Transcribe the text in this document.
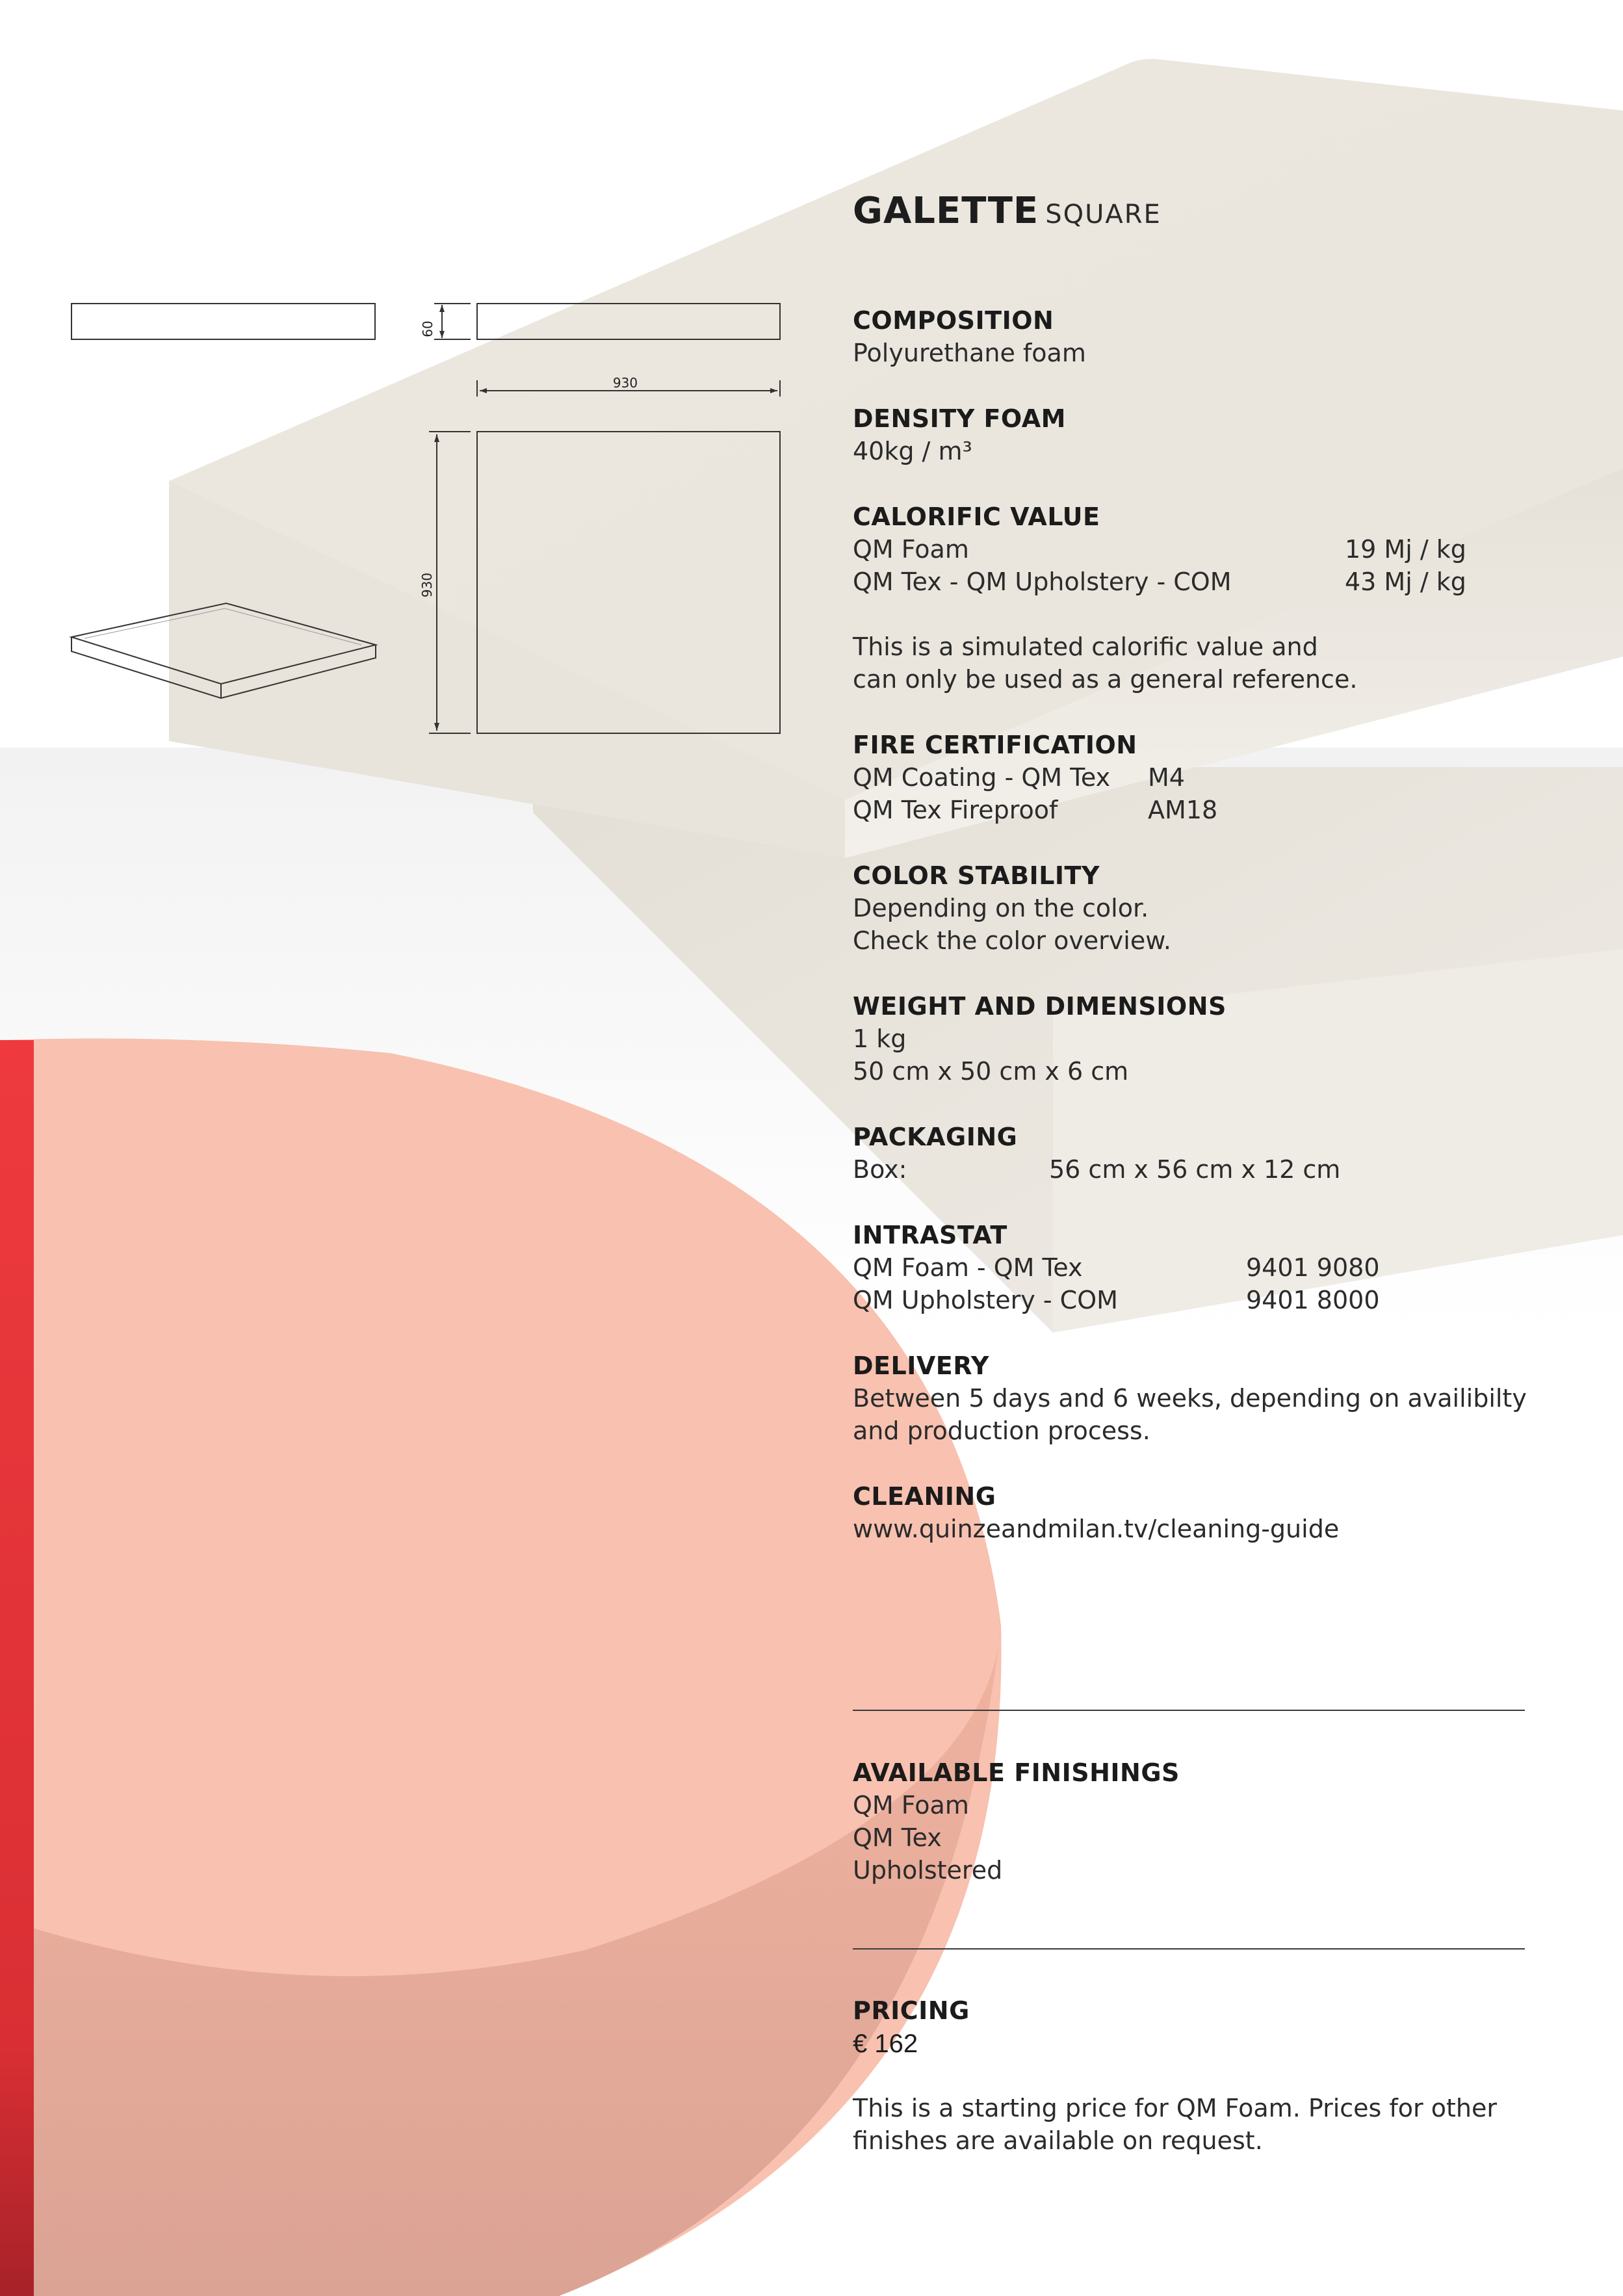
60
930
930
GALETTE SQUARE
COMPOSITION
Polyurethane foam
DENSITY FOAM
40kg / m³
CALORIFIC VALUE
QM Foam	19 Mj / kg
QM Tex - QM Upholstery - COM	43 Mj / kg
This is a simulated calorific value and
can only be used as a general reference.
FIRE CERTIFICATION
QM Coating - QM Tex M4
QM Tex Fireproof	AM18
COLOR STABILITY
Depending on the color.
Check the color overview.
WEIGHT AND DIMENSIONS
1 kg
50 cm x 50 cm x 6 cm
PACKAGING
Box:	56 cm x 56 cm x 12 cm
INTRASTAT
QM Foam - QM Tex	9401 9080
QM Upholstery - COM	9401 8000
DELIVERY
Between 5 days and 6 weeks, depending on availibilty
and production process.
CLEANING
www.quinzeandmilan.tv/cleaning-guide
AVAILABLE FINISHINGS
QM Foam
QM Tex
Upholstered
PRICING
€ 162
This is a starting price for QM Foam. Prices for other
finishes are available on request.
